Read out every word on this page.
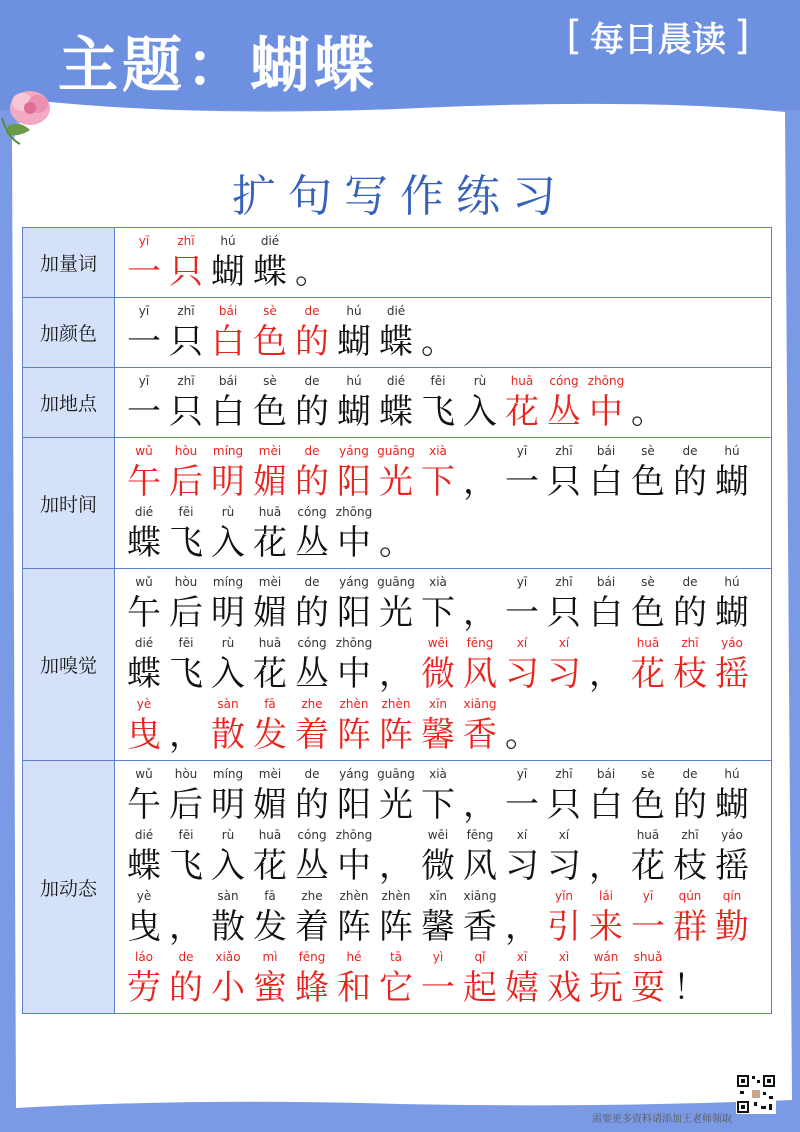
主题：蝴蝶	[ 每日晨读 ]
扩句写作练习
加量词
yī
一
zhī
只
hú
蝴
dié
蝶 。
加颜色
yī
一
zhī
只
bái
白
sè
色
de
的
hú
蝴
dié
蝶 。
加地点
yī
一
zhī
只
bái
白
sè
色
de
的
hú
蝴
dié
蝶
fēi
飞
rù
入
huā
花
cóng
丛
zhōng
中 。
加时间
wǔ
午
hòu
后
míng
明
mèi
媚
de
的
yáng
阳
guāng
光
xià
下 ，
yī
一
zhī
只
bái
白
sè
色
de
的
hú
蝴
dié
蝶
fēi
飞
rù
入
huā
花
cóng
丛
zhōng
中 。
加嗅觉
wǔ
午
hòu
后
míng
明
mèi
媚
de
的
yáng
阳
guāng
光
xià
下 ，
yī
一
zhī
只
bái
白
sè
色
de
的
hú
蝴
dié
蝶
fēi
飞
rù
入
huā
花
cóng
丛
zhōng
中 ，
wēi
微
fēng
风
xí
习
xí
习 ，
huā
花
zhī
枝
yáo
摇
yè
曳 ，
sàn
散
fā
发
zhe
着
zhèn
阵
zhèn
阵
xīn
馨
xiāng
香 。
加动态
wǔ
午
hòu
后
míng
明
mèi
媚
de
的
yáng
阳
guāng
光
xià
下 ，
yī
一
zhī
只
bái
白
sè
色
de
的
hú
蝴
dié
蝶
fēi
飞
rù
入
huā
花
cóng
丛
zhōng
中 ，
wēi
微
fēng
风
xí
习
xí
习 ，
huā
花
zhī
枝
yáo
摇
yè
曳 ，
sàn
散
fā
发
zhe
着
zhèn
阵
zhèn
阵
xīn
馨
xiāng
香 ，
yǐn
引
lái
来
yī
一
qún
群
qín
勤
láo
劳
de
的
xiǎo
小
mì
蜜
fēng
蜂
hé
和
tā
它
yì
一
qǐ
起
xī
嬉
xì
戏
wán
玩
shuǎ
耍 ！
需要更多资料请添加王老师领取
